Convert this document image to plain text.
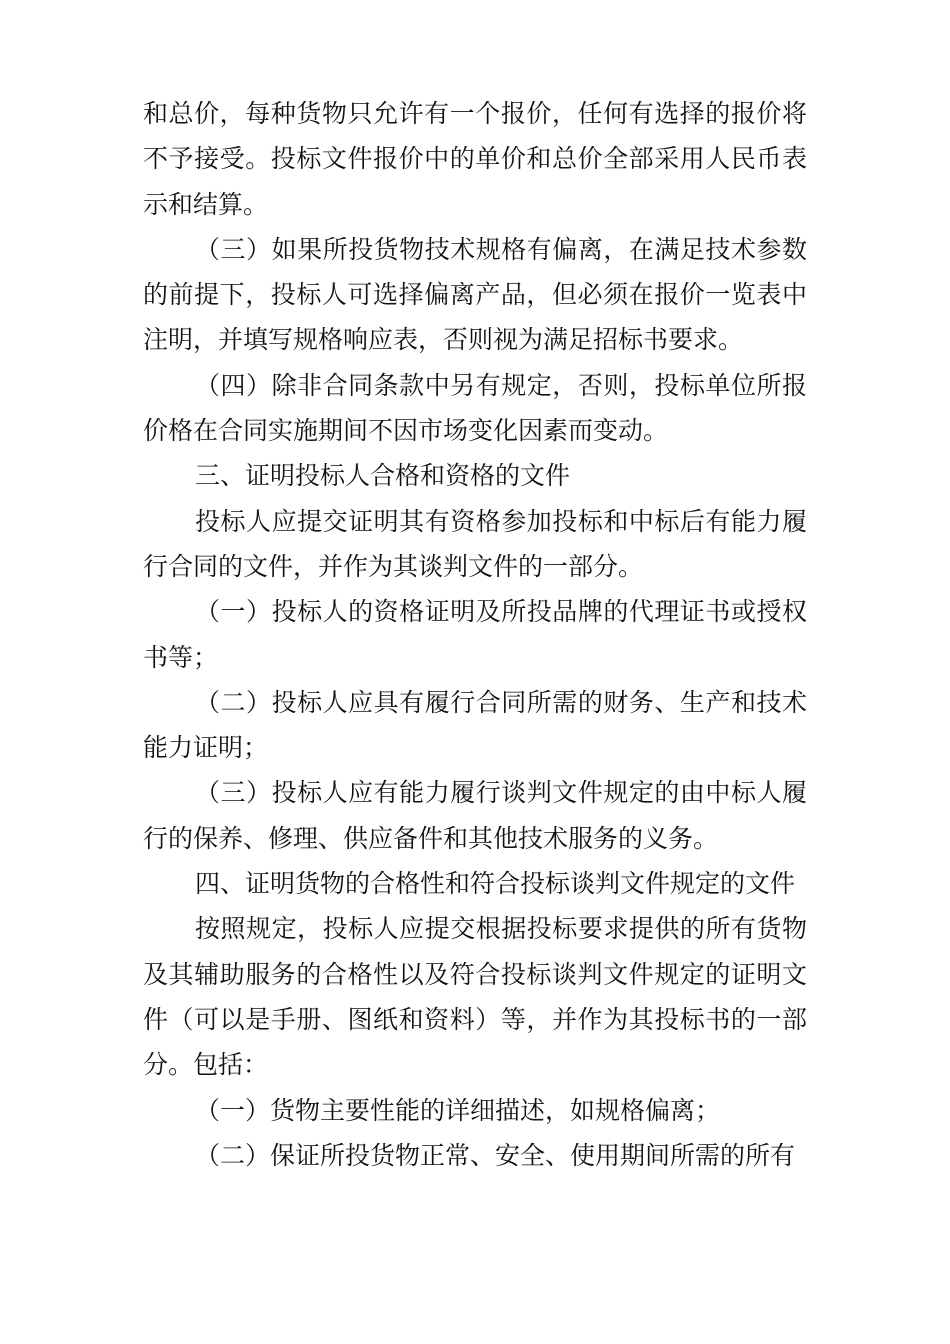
和总价，每种货物只允许有一个报价，任何有选择的报价将不予接受。投标文件报价中的单价和总价全部采用人民币表示和结算。

（三）如果所投货物技术规格有偏离，在满足技术参数的前提下，投标人可选择偏离产品，但必须在报价一览表中注明，并填写规格响应表，否则视为满足招标书要求。

（四）除非合同条款中另有规定，否则，投标单位所报价格在合同实施期间不因市场变化因素而变动。

三、证明投标人合格和资格的文件

投标人应提交证明其有资格参加投标和中标后有能力履行合同的文件，并作为其谈判文件的一部分。

（一）投标人的资格证明及所投品牌的代理证书或授权书等；

（二）投标人应具有履行合同所需的财务、生产和技术能力证明；

（三）投标人应有能力履行谈判文件规定的由中标人履行的保养、修理、供应备件和其他技术服务的义务。

四、证明货物的合格性和符合投标谈判文件规定的文件

按照规定，投标人应提交根据投标要求提供的所有货物及其辅助服务的合格性以及符合投标谈判文件规定的证明文件（可以是手册、图纸和资料）等，并作为其投标书的一部分。包括：

（一）货物主要性能的详细描述，如规格偏离；

（二）保证所投货物正常、安全、使用期间所需的所有
